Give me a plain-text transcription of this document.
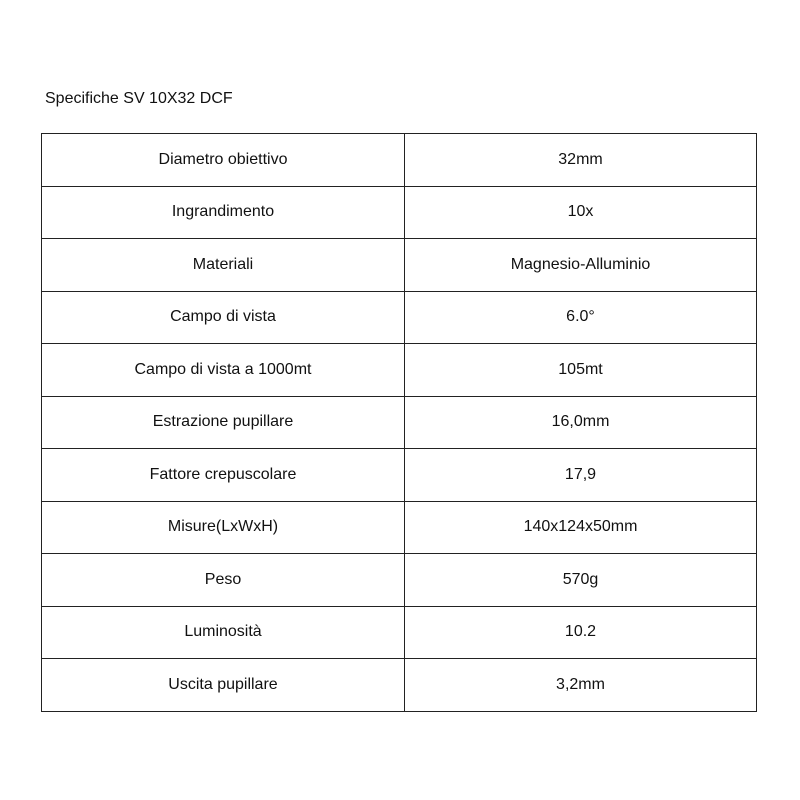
Specifiche SV 10X32 DCF
Diametro obiettivo	32mm
Ingrandimento	10x
Materiali	Magnesio-Alluminio
Campo di vista	6.0°
Campo di vista a 1000mt	105mt
Estrazione pupillare	16,0mm
Fattore crepuscolare	17,9
Misure(LxWxH)	140x124x50mm
Peso	570g
Luminosità	10.2
Uscita pupillare	3,2mm
